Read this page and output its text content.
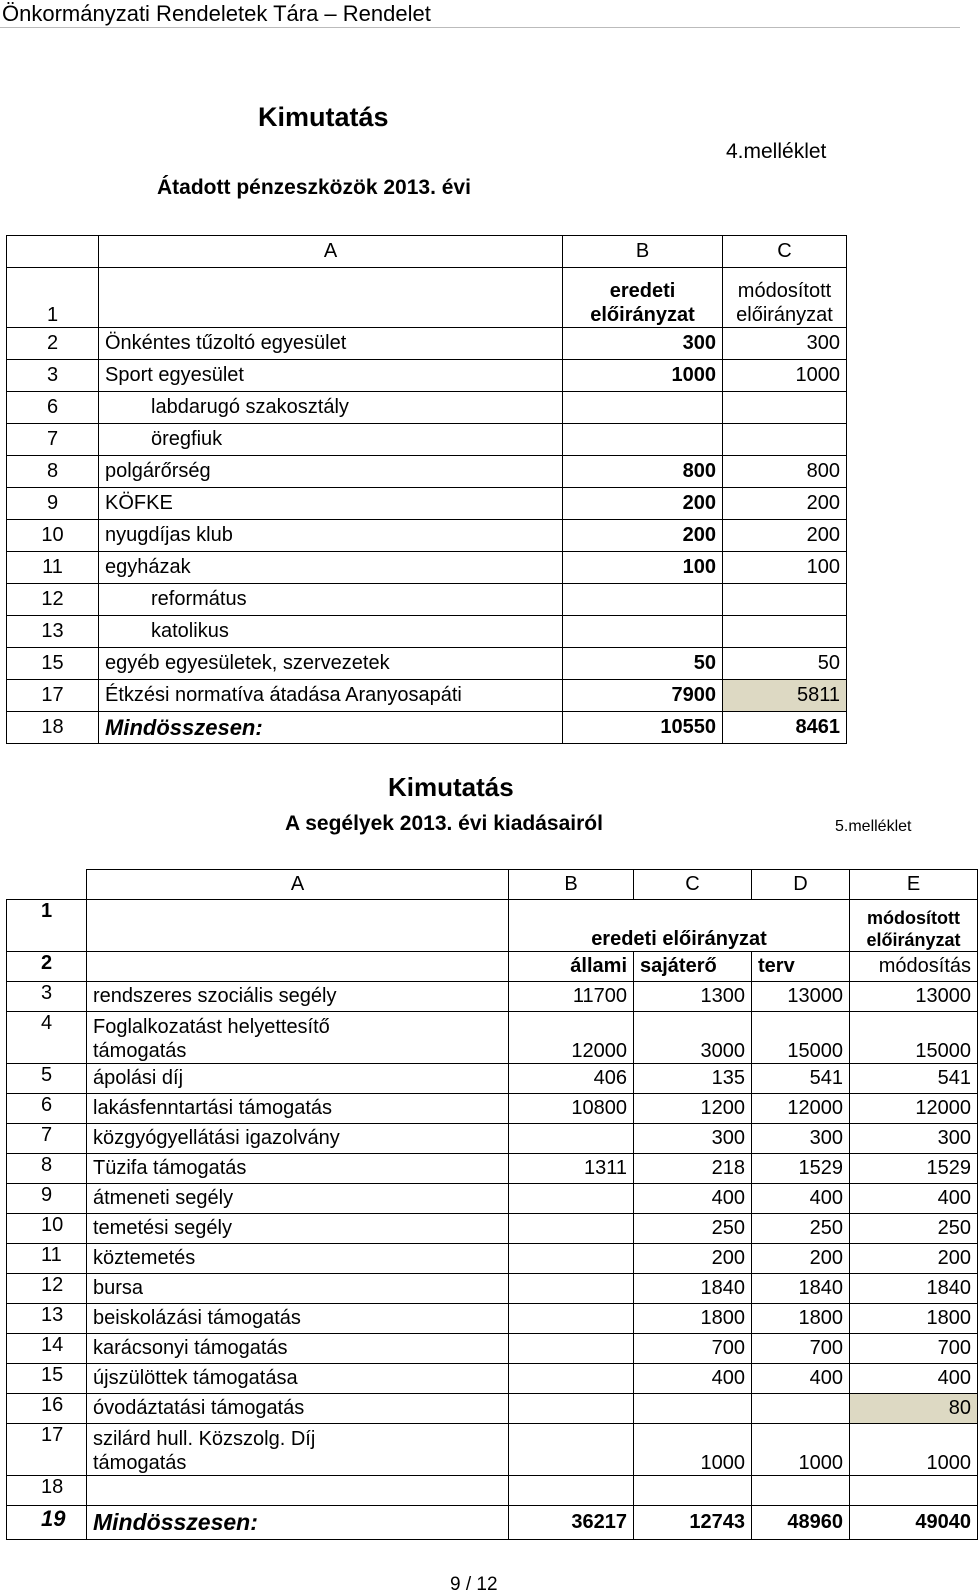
Önkormányzati Rendeletek Tára – Rendelet
Kimutatás
4.melléklet
Átadott pénzeszközök 2013. évi
	A	B	C
1		eredeti előirányzat	módosított előirányzat
2	Önkéntes tűzoltó egyesület	300	300
3	Sport egyesület	1000	1000
6	labdarugó szakosztály		
7	öregfiuk		
8	polgárőrség	800	800
9	KÖFKE	200	200
10	nyugdíjas klub	200	200
11	egyházak	100	100
12	református		
13	katolikus		
15	egyéb egyesületek, szervezetek	50	50
17	Étkzési normatíva átadása Aranyosapáti	7900	5811
18	Mindösszesen:	10550	8461
Kimutatás
A segélyek 2013. évi kiadásairól	5.melléklet
	A	B	C	D	E
1		eredeti előirányzat			módosított előirányzat
2		állami	sajáterő	terv	módosítás
3	rendszeres szociális segély	11700	1300	13000	13000
4	Foglalkozatást helyettesítő támogatás	12000	3000	15000	15000
5	ápolási díj	406	135	541	541
6	lakásfenntartási támogatás	10800	1200	12000	12000
7	közgyógyellátási igazolvány		300	300	300
8	Tüzifa támogatás	1311	218	1529	1529
9	átmeneti segély		400	400	400
10	temetési segély		250	250	250
11	köztemetés		200	200	200
12	bursa		1840	1840	1840
13	beiskolázási támogatás		1800	1800	1800
14	karácsonyi támogatás		700	700	700
15	újszülöttek támogatása		400	400	400
16	óvodáztatási támogatás				80
17	szilárd hull. Közszolg. Díj támogatás		1000	1000	1000
18					
19	Mindösszesen:	36217	12743	48960	49040
9 / 12
